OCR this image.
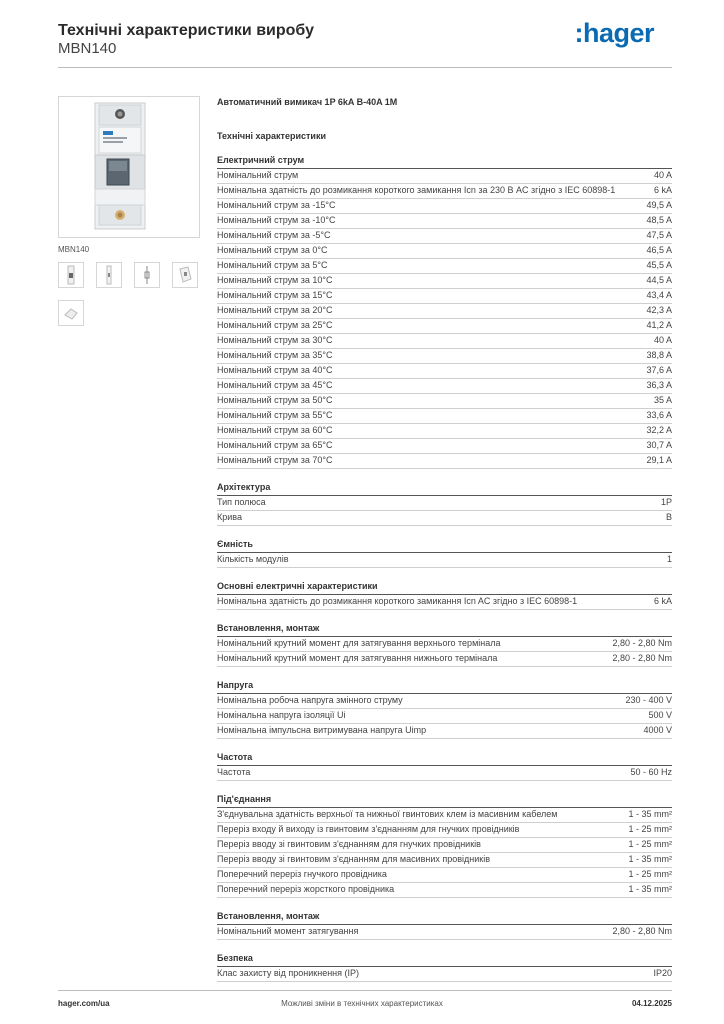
Технічні характеристики виробу
MBN140
:hager
MBN140
Автоматичний вимикач 1P 6kA B-40A 1M
Технічні характеристики
Електричний струм
Номінальний струм	40 A
Номінальна здатність до розмикання короткого замикання Icn за 230 В AC згідно з IEC 60898-1	6 kA
Номінальний струм за -15°C	49,5 A
Номінальний струм за -10°C	48,5 A
Номінальний струм за -5°C	47,5 A
Номінальний струм за 0°C	46,5 A
Номінальний струм за 5°C	45,5 A
Номінальний струм за 10°C	44,5 A
Номінальний струм за 15°C	43,4 A
Номінальний струм за 20°C	42,3 A
Номінальний струм за 25°C	41,2 A
Номінальний струм за 30°C	40 A
Номінальний струм за 35°C	38,8 A
Номінальний струм за 40°C	37,6 A
Номінальний струм за 45°C	36,3 A
Номінальний струм за 50°C	35 A
Номінальний струм за 55°C	33,6 A
Номінальний струм за 60°C	32,2 A
Номінальний струм за 65°C	30,7 A
Номінальний струм за 70°C	29,1 A
Архітектура
Тип полюса	1P
Крива	B
Ємність
Кількість модулів	1
Основні електричні характеристики
Номінальна здатність до розмикання короткого замикання Icn AC згідно з IEC 60898-1	6 kA
Встановлення, монтаж
Номінальний крутний момент для затягування верхнього термінала	2,80 - 2,80 Nm
Номінальний крутний момент для затягування нижнього термінала	2,80 - 2,80 Nm
Напруга
Номінальна робоча напруга змінного струму	230 - 400 V
Номінальна напруга ізоляції Ui	500 V
Номінальна імпульсна витримувана напруга Uimp	4000 V
Частота
Частота	50 - 60 Hz
Під'єднання
З'єднувальна здатність верхньої та нижньої гвинтових клем із масивним кабелем	1 - 35 mm²
Переріз входу й виходу із гвинтовим з'єднанням для гнучких провідників	1 - 25 mm²
Переріз вводу зі гвинтовим з'єднанням для гнучких провідників	1 - 25 mm²
Переріз вводу зі гвинтовим з'єднанням для масивних провідників	1 - 35 mm²
Поперечний переріз гнучкого провідника	1 - 25 mm²
Поперечний переріз жорсткого провідника	1 - 35 mm²
Встановлення, монтаж
Номінальний момент затягування	2,80 - 2,80 Nm
Безпека
Клас захисту від проникнення (IP)	IP20
hager.com/ua	Можливі зміни в технічних характеристиках	04.12.2025
